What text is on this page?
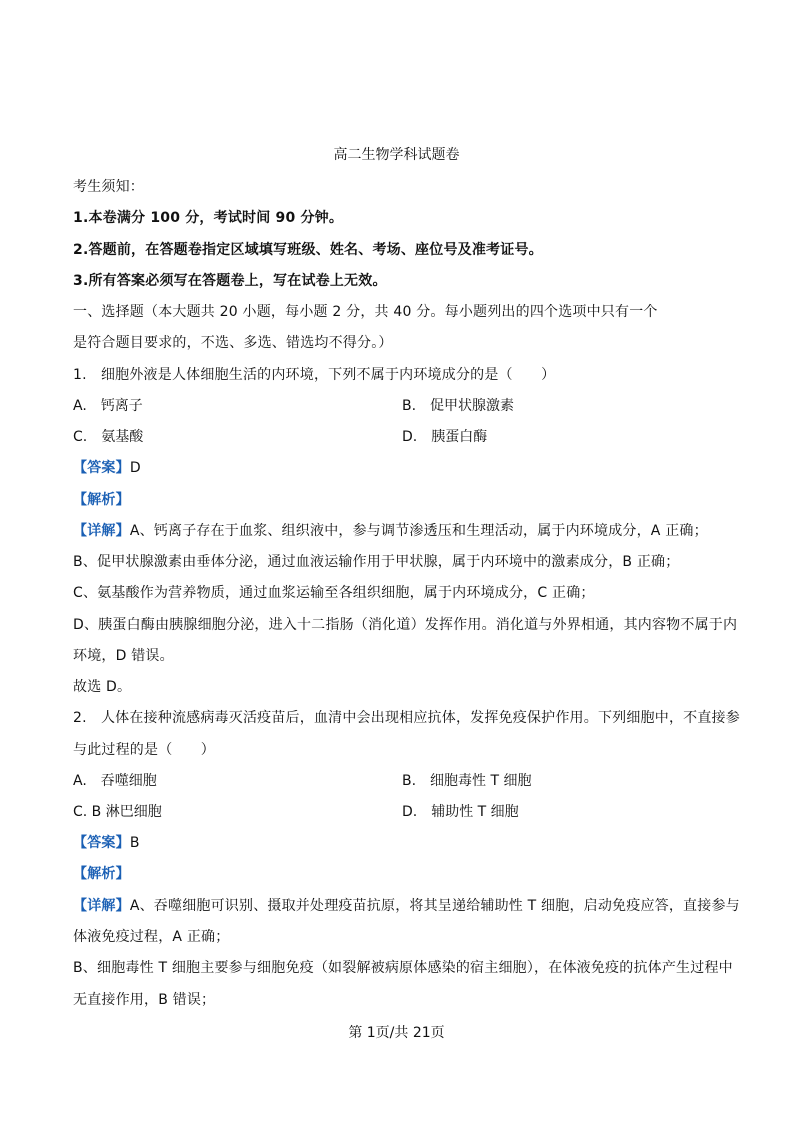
高二生物学科试题卷
考生须知：
1.本卷满分 100 分，考试时间 90 分钟。
2.答题前，在答题卷指定区域填写班级、姓名、考场、座位号及准考证号。
3.所有答案必须写在答题卷上，写在试卷上无效。
一、选择题（本大题共 20 小题，每小题 2 分，共 40 分。每小题列出的四个选项中只有一个
是符合题目要求的，不选、多选、错选均不得分。）
1.　细胞外液是人体细胞生活的内环境，下列不属于内环境成分的是（　　）
A.　钙离子	B.　促甲状腺激素
C.　氨基酸	D.　胰蛋白酶
【答案】D
【解析】
【详解】A、钙离子存在于血浆、组织液中，参与调节渗透压和生理活动，属于内环境成分，A 正确；
B、促甲状腺激素由垂体分泌，通过血液运输作用于甲状腺，属于内环境中的激素成分，B 正确；
C、氨基酸作为营养物质，通过血浆运输至各组织细胞，属于内环境成分，C 正确；
D、胰蛋白酶由胰腺细胞分泌，进入十二指肠（消化道）发挥作用。消化道与外界相通，其内容物不属于内
环境，D 错误。
故选 D。
2.　人体在接种流感病毒灭活疫苗后，血清中会出现相应抗体，发挥免疫保护作用。下列细胞中，不直接参
与此过程的是（　　）
A.　吞噬细胞	B.　细胞毒性 T 细胞
C. B 淋巴细胞	D.　辅助性 T 细胞
【答案】B
【解析】
【详解】A、吞噬细胞可识别、摄取并处理疫苗抗原，将其呈递给辅助性 T 细胞，启动免疫应答，直接参与
体液免疫过程，A 正确；
B、细胞毒性 T 细胞主要参与细胞免疫（如裂解被病原体感染的宿主细胞），在体液免疫的抗体产生过程中
无直接作用，B 错误；
第 1页/共 21页
